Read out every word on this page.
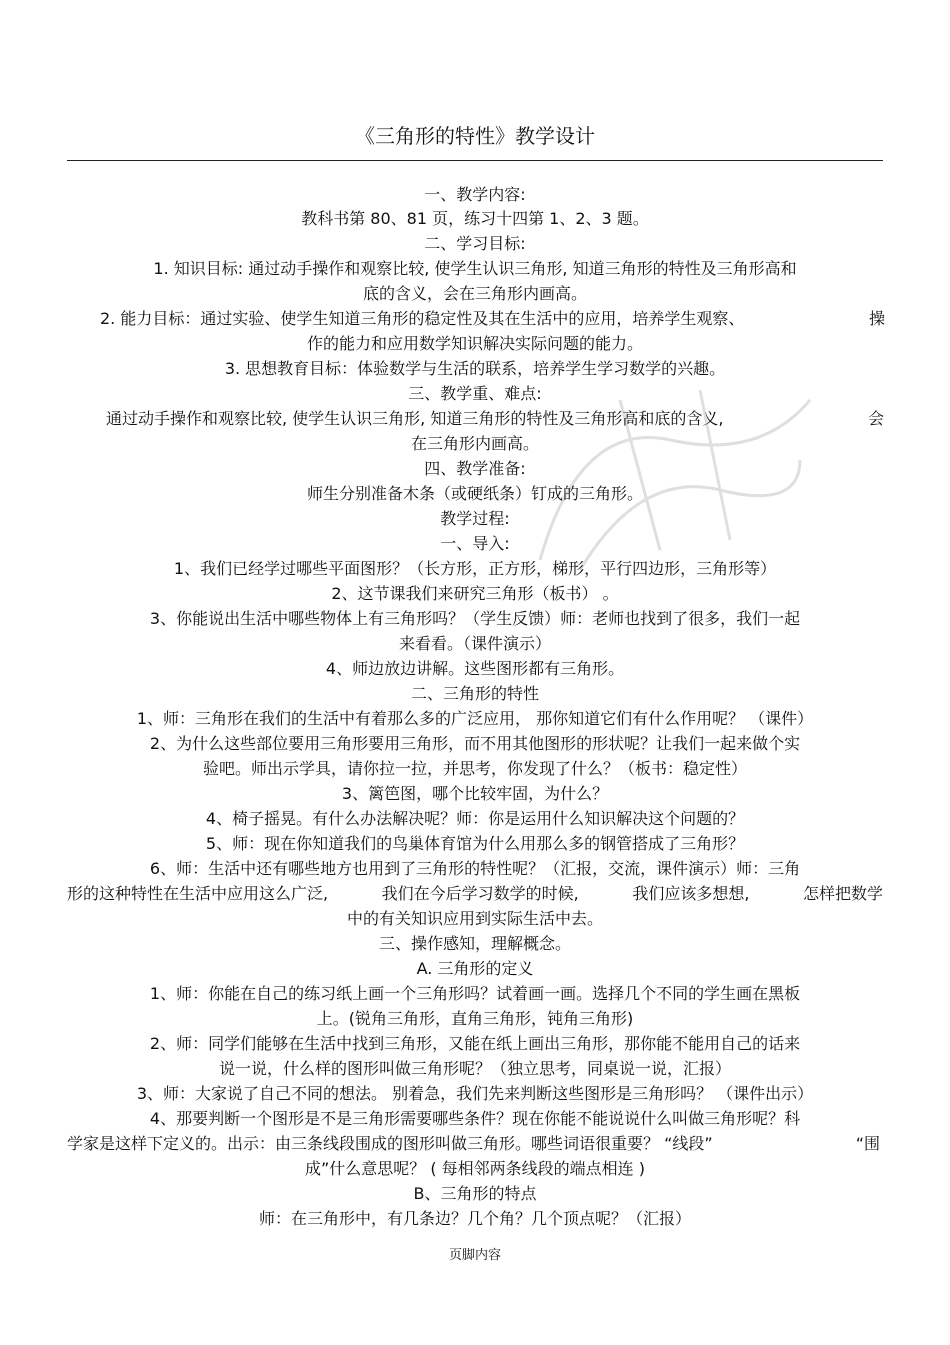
《三角形的特性》教学设计
一、教学内容:
教科书第 80、81 页，练习十四第 1、2、3 题。
二、学习目标:
1. 知识目标: 通过动手操作和观察比较, 使学生认识三角形, 知道三角形的特性及三角形高和
底的含义，会在三角形内画高。
2. 能力目标：通过实验、使学生知道三角形的稳定性及其在生活中的应用，培养学生观察、	操
作的能力和应用数学知识解决实际问题的能力。
3. 思想教育目标：体验数学与生活的联系，培养学生学习数学的兴趣。
三、教学重、难点:
通过动手操作和观察比较, 使学生认识三角形, 知道三角形的特性及三角形高和底的含义,	会
在三角形内画高。
四、教学准备:
师生分别准备木条（或硬纸条）钉成的三角形。
教学过程:
一、导入:
1、我们已经学过哪些平面图形？（长方形，正方形，梯形，平行四边形，三角形等）
2、这节课我们来研究三角形（板书） 。
3、你能说出生活中哪些物体上有三角形吗？（学生反馈）师：老师也找到了很多，我们一起
来看看。（课件演示）
4、师边放边讲解。这些图形都有三角形。
二、三角形的特性
1、师：三角形在我们的生活中有着那么多的广泛应用， 那你知道它们有什么作用呢？ （课件）
2、为什么这些部位要用三角形要用三角形，而不用其他图形的形状呢？让我们一起来做个实
验吧。师出示学具，请你拉一拉，并思考，你发现了什么？（板书：稳定性）
3、篱笆图，哪个比较牢固，为什么？
4、椅子摇晃。有什么办法解决呢？师：你是运用什么知识解决这个问题的？
5、师：现在你知道我们的鸟巢体育馆为什么用那么多的钢管搭成了三角形？
6、师：生活中还有哪些地方也用到了三角形的特性呢？（汇报，交流，课件演示）师：三角
形的这种特性在生活中应用这么广泛,	我们在今后学习数学的时候,	我们应该多想想,	怎样把数学
中的有关知识应用到实际生活中去。
三、操作感知，理解概念。
A. 三角形的定义
1、师：你能在自己的练习纸上画一个三角形吗？试着画一画。选择几个不同的学生画在黑板
上。(锐角三角形，直角三角形，钝角三角形)
2、师：同学们能够在生活中找到三角形，又能在纸上画出三角形，那你能不能用自己的话来
说一说，什么样的图形叫做三角形呢？（独立思考，同桌说一说，汇报）
3、师：大家说了自己不同的想法。 别着急，我们先来判断这些图形是三角形吗？ （课件出示）
4、那要判断一个图形是不是三角形需要哪些条件？现在你能不能说说什么叫做三角形呢？科
学家是这样下定义的。出示：由三条线段围成的图形叫做三角形。哪些词语很重要？ “线段”	“围
成”什么意思呢？ ( 每相邻两条线段的端点相连 )
B、三角形的特点
师：在三角形中，有几条边？几个角？几个顶点呢？（汇报）
页脚内容
